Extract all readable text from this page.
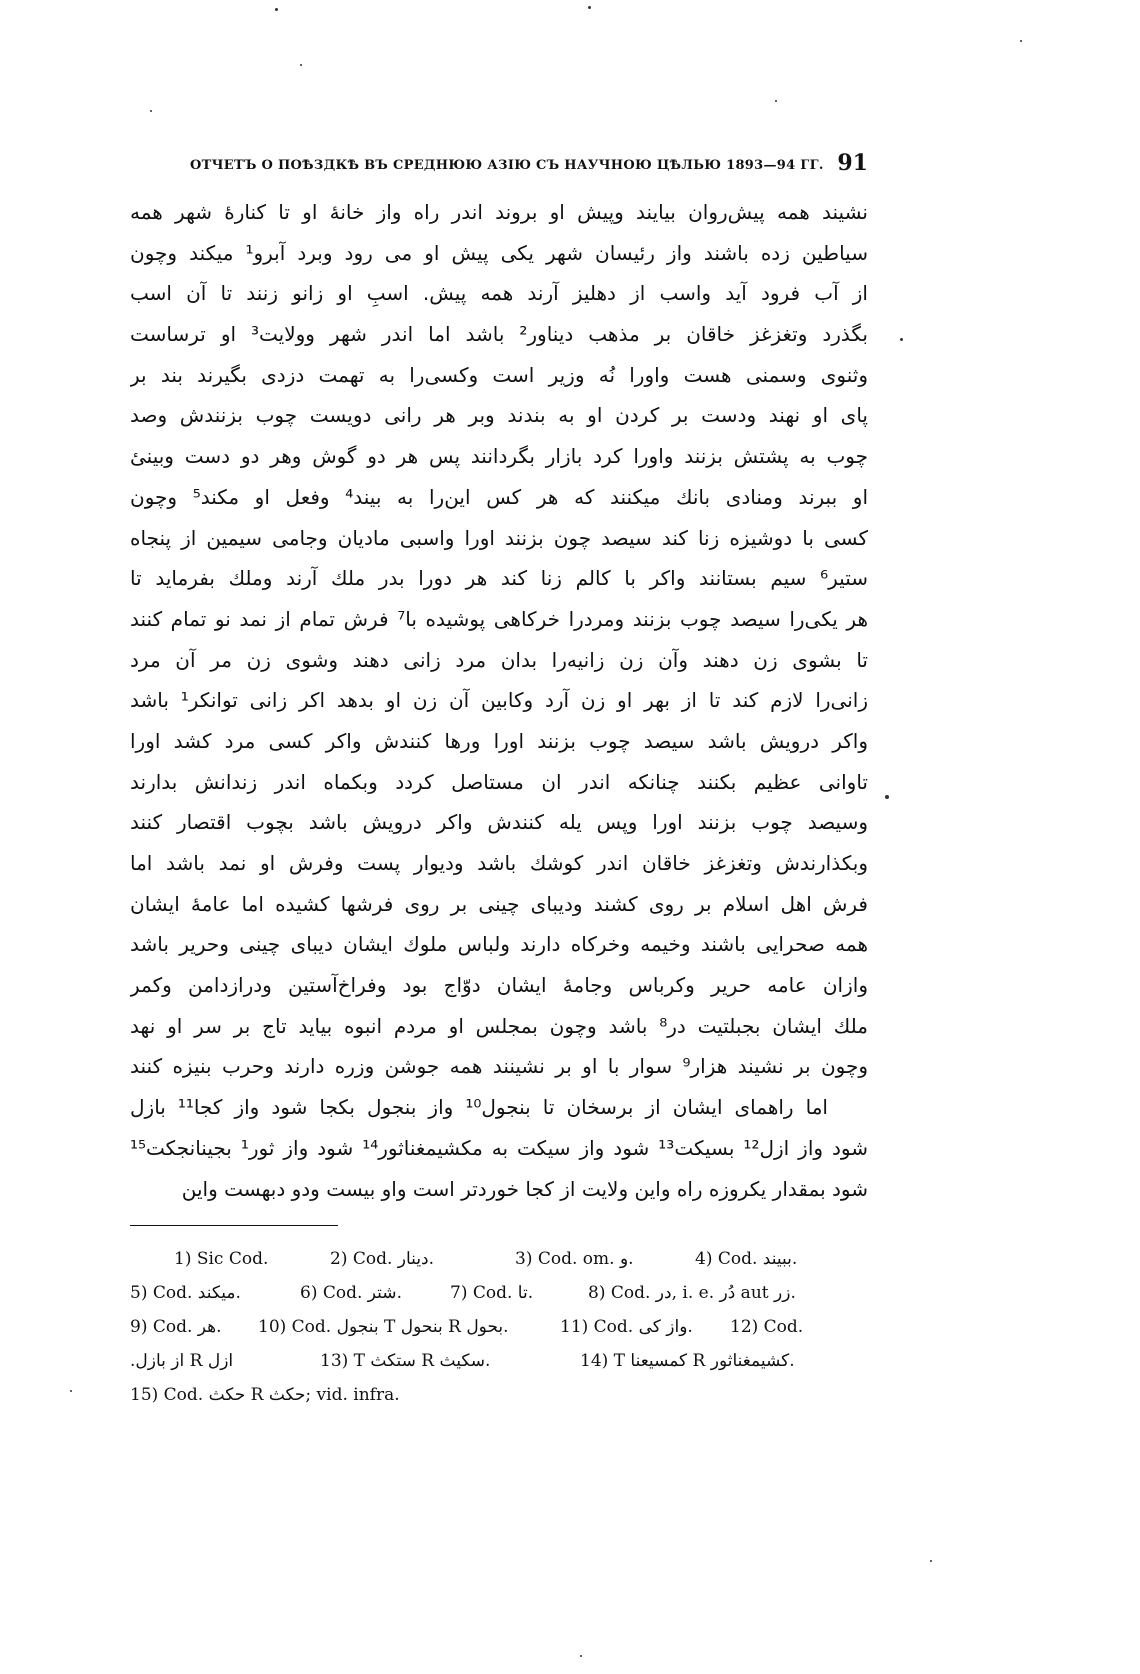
ОТЧЕТЪ О ПОѢЗДКѢ ВЪ СРЕДНЮЮ АЗІЮ СЪ НАУЧНОЮ ЦѢЛЬЮ 1893—94 ГГ. 91
نشيند همه پيش‌روان بيايند وپيش او بروند اندر راه واز خانهٔ او تا كنارهٔ شهر همه
سياطين زده باشند واز رئيسان شهر يكى پيش او مى رود وبرد آبرو¹ ميكند وچون
از آب فرود آيد واسب از دهليز آرند همه پيش. اسبِ او زانو زنند تا آن اسب
بگذرد وتغزغز خاقان بر مذهب دیناور² باشد اما اندر شهر وولايت³ او ترساست
وثنوى وسمنى هست واورا نُه وزير است وكسى‌را به تهمت دزدى بگيرند بند بر
پاى او نهند ودست بر كردن او به بندند وبر هر رانى دويست چوب بزنندش وصد
چوب به پشتش بزنند واورا كرد بازار بگردانند پس هر دو گوش وهر دو دست وبينىٔ
او ببرند ومنادى بانك ميكنند كه هر كس اين‌را به بيند⁴ وفعل او مكند⁵ وچون
كسى با دوشيزه زنا كند سيصد چون بزنند اورا واسبى ماديان وجامى سيمين از پنجاه
ستير⁶ سيم بستانند واكر با كالم زنا كند هر دورا بدر ملك آرند وملك بفرمايد تا
هر يكى‌را سيصد چوب بزنند ومردرا خركاهى پوشيده با⁷ فرش تمام از نمد نو تمام كنند
تا بشوى زن دهند وآن زن زانيه‌را بدان مرد زانى دهند وشوى زن مر آن مرد
زانى‌را لازم كند تا از بهر او زن آرد وكابين آن زن او بدهد اكر زانى توانكر¹ باشد
واكر درويش باشد سيصد چوب بزنند اورا ورها كنندش واكر كسى مرد كشد اورا
تاوانى عظيم بكنند چنانكه اندر ان مستاصل كردد وبكماه اندر زندانش بدارند
وسيصد چوب بزنند اورا وپس يله كنندش واكر درويش باشد بچوب اقتصار كنند
وبكذارندش وتغزغز خاقان اندر كوشك باشد وديوار پست وفرش او نمد باشد اما
فرش اهل اسلام بر روى كشند وديباى چينى بر روى فرشها كشيده اما عامهٔ ايشان
همه صحرايى باشند وخيمه وخركاه دارند ولباس ملوك ايشان ديباى چينى وحرير باشد
وازان عامه حرير وكرباس وجامهٔ ايشان دوّاج بود وفراخ‌آستين ودرازدامن وكمر
ملك ايشان بجبلتيت در⁸ باشد وچون بمجلس او مردم انبوه بيايد تاج بر سر او نهد
وچون بر نشيند هزار⁹ سوار با او بر نشينند همه جوشن وزره دارند وحرب بنيزه كنند
اما راهماى ايشان از برسخان تا بنجول¹⁰ واز بنجول بكجا شود واز كجا¹¹ بازل
شود واز ازل¹² بسيكت¹³ شود واز سيكت به مكشيمغناثور¹⁴ شود واز ثور¹ بجينانجكت¹⁵
شود بمقدار يكروزه راه واين ولايت از كجا خوردتر است واو بيست ودو دبهست واين
1) Sic Cod.	2) Cod. دينار.	3) Cod. om. و.	4) Cod. ببيند.
5) Cod. ميكند.	6) Cod. شتر.	7) Cod. تا.	8) Cod. در, i. e. دُر aut زر.
9) Cod. هر. 10) Cod. بنجول T بنحول R بحول.	11) Cod. واز كى. 12) Cod.
ازل R از بازل.	13) T ستكث R سكيث.	14) T كمسيعنا R كشيمغناثور.
15) Cod. حكث R حكث; vid. infra.
